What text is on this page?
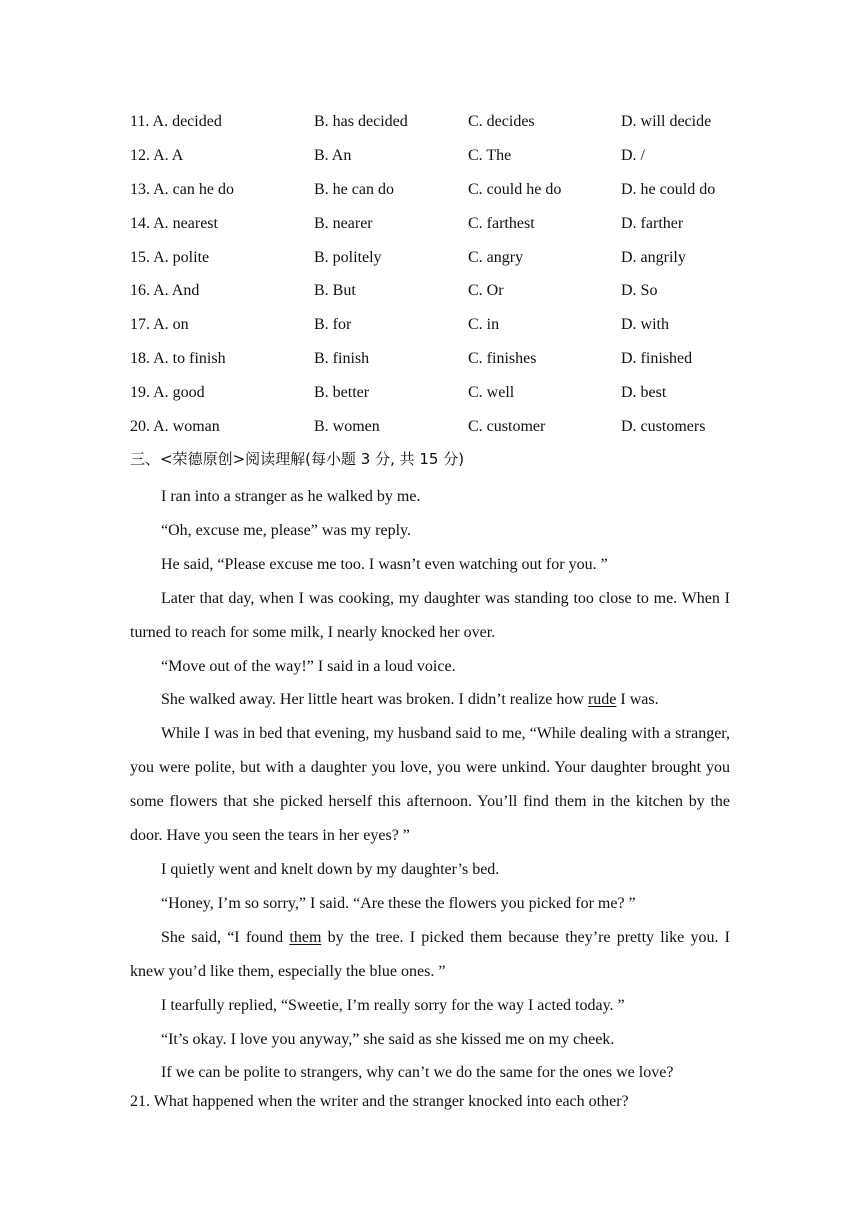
11. A. decided	B. has decided	C. decides	D. will decide
12. A. A	B. An	C. The	D. /
13. A. can he do	B. he can do	C. could he do	D. he could do
14. A. nearest	B. nearer	C. farthest	D. farther
15. A. polite	B. politely	C. angry	D. angrily
16. A. And	B. But	C. Or	D. So
17. A. on	B. for	C. in	D. with
18. A. to finish	B. finish	C. finishes	D. finished
19. A. good	B. better	C. well	D. best
20. A. woman	B. women	C. customer	D. customers
三、<荣德原创>阅读理解(每小题 3 分, 共 15 分)

I ran into a stranger as he walked by me.

“Oh, excuse me, please” was my reply.

He said, “Please excuse me too. I wasn’t even watching out for you. ”

Later that day, when I was cooking, my daughter was standing too close to me. When I turned to reach for some milk, I nearly knocked her over.

“Move out of the way!” I said in a loud voice.

She walked away. Her little heart was broken. I didn’t realize how rude I was.

While I was in bed that evening, my husband said to me, “While dealing with a stranger, you were polite, but with a daughter you love, you were unkind. Your daughter brought you some flowers that she picked herself this afternoon. You’ll find them in the kitchen by the door. Have you seen the tears in her eyes? ”

I quietly went and knelt down by my daughter’s bed.

“Honey, I’m so sorry,” I said. “Are these the flowers you picked for me? ”

She said, “I found them by the tree. I picked them because they’re pretty like you. I knew you’d like them, especially the blue ones. ”

I tearfully replied, “Sweetie, I’m really sorry for the way I acted today. ”

“It’s okay. I love you anyway,” she said as she kissed me on my cheek.

If we can be polite to strangers, why can’t we do the same for the ones we love?

21. What happened when the writer and the stranger knocked into each other?
